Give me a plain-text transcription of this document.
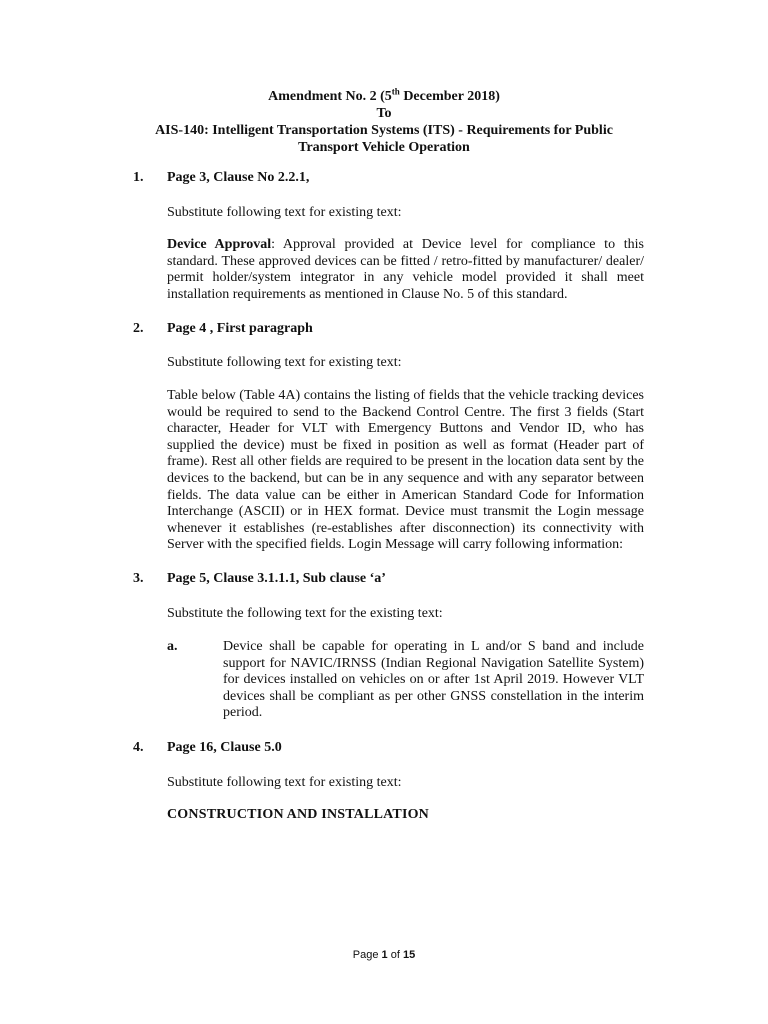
Amendment No. 2 (5th December 2018)
To
AIS-140: Intelligent Transportation Systems (ITS) - Requirements for Public
Transport Vehicle Operation
1. Page 3, Clause No 2.2.1,
Substitute following text for existing text:
Device Approval: Approval provided at Device level for compliance to this standard. These approved devices can be fitted / retro-fitted by manufacturer/ dealer/ permit holder/system integrator in any vehicle model provided it shall meet installation requirements as mentioned in Clause No. 5 of this standard.
2. Page 4 , First paragraph
Substitute following text for existing text:
Table below (Table 4A) contains the listing of fields that the vehicle tracking devices would be required to send to the Backend Control Centre. The first 3 fields (Start character, Header for VLT with Emergency Buttons and Vendor ID, who has supplied the device) must be fixed in position as well as format (Header part of frame). Rest all other fields are required to be present in the location data sent by the devices to the backend, but can be in any sequence and with any separator between fields. The data value can be either in American Standard Code for Information Interchange (ASCII) or in HEX format. Device must transmit the Login message whenever it establishes (re-establishes after disconnection) its connectivity with Server with the specified fields. Login Message will carry following information:
3. Page 5, Clause 3.1.1.1, Sub clause ‘a’
Substitute the following text for the existing text:
a.	Device shall be capable for operating in L and/or S band and include support for NAVIC/IRNSS (Indian Regional Navigation Satellite System) for devices installed on vehicles on or after 1st April 2019. However VLT devices shall be compliant as per other GNSS constellation in the interim period.
4. Page 16, Clause 5.0
Substitute following text for existing text:
CONSTRUCTION AND INSTALLATION
Page 1 of 15
